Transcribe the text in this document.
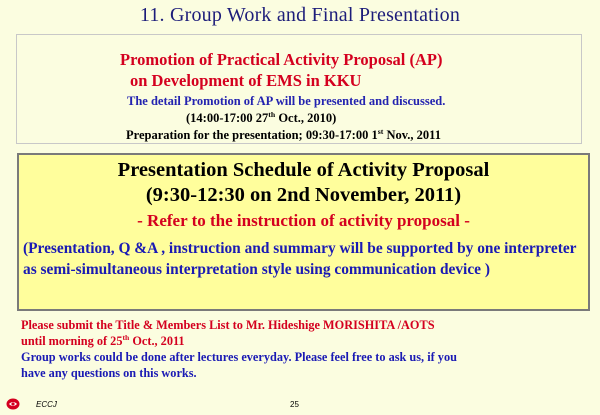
11. Group Work and Final Presentation
Promotion of Practical Activity Proposal (AP)
on Development of EMS in KKU
The detail Promotion of AP will be presented and discussed.
(14:00-17:00 27th Oct., 2010)
Preparation for the presentation; 09:30-17:00 1st Nov., 2011
Presentation Schedule of Activity Proposal
(9:30-12:30 on 2nd November, 2011)
- Refer to the instruction of activity proposal -

(Presentation, Q &A , instruction and summary will be supported by one interpreter as semi-simultaneous interpretation style using communication device )

Please submit the Title & Members List to Mr. Hideshige MORISHITA /AOTS

until morning of 25th Oct., 2011

Group works could be done after lectures everyday. Please feel free to ask us, if you

have any questions on this works.

ECCJ	25
